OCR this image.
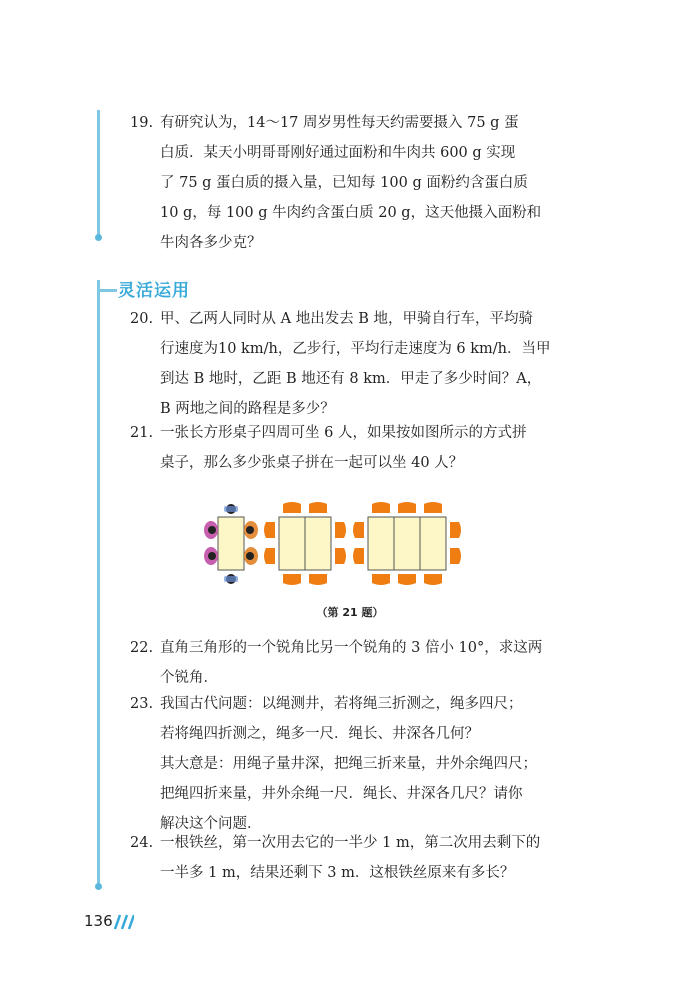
19. 有研究认为，14～17 周岁男性每天约需要摄入 75 g 蛋

白质．某天小明哥哥刚好通过面粉和牛肉共 600 g 实现

了 75 g 蛋白质的摄入量，已知每 100 g 面粉约含蛋白质

10 g，每 100 g 牛肉约含蛋白质 20 g，这天他摄入面粉和

牛肉各多少克？

灵活运用
20. 甲、乙两人同时从 A 地出发去 B 地，甲骑自行车，平均骑

行速度为10 km/h，乙步行，平均行走速度为 6 km/h．当甲

到达 B 地时，乙距 B 地还有 8 km．甲走了多少时间？A，

B 两地之间的路程是多少？

21. 一张长方形桌子四周可坐 6 人，如果按如图所示的方式拼

桌子，那么多少张桌子拼在一起可以坐 40 人？

（第 21 题）
22. 直角三角形的一个锐角比另一个锐角的 3 倍小 10°，求这两

个锐角．

23. 我国古代问题：以绳测井，若将绳三折测之，绳多四尺；

若将绳四折测之，绳多一尺．绳长、井深各几何？

其大意是：用绳子量井深，把绳三折来量，井外余绳四尺；

把绳四折来量，井外余绳一尺．绳长、井深各几尺？请你

解决这个问题．

24. 一根铁丝，第一次用去它的一半少 1 m，第二次用去剩下的

一半多 1 m，结果还剩下 3 m．这根铁丝原来有多长？

136
